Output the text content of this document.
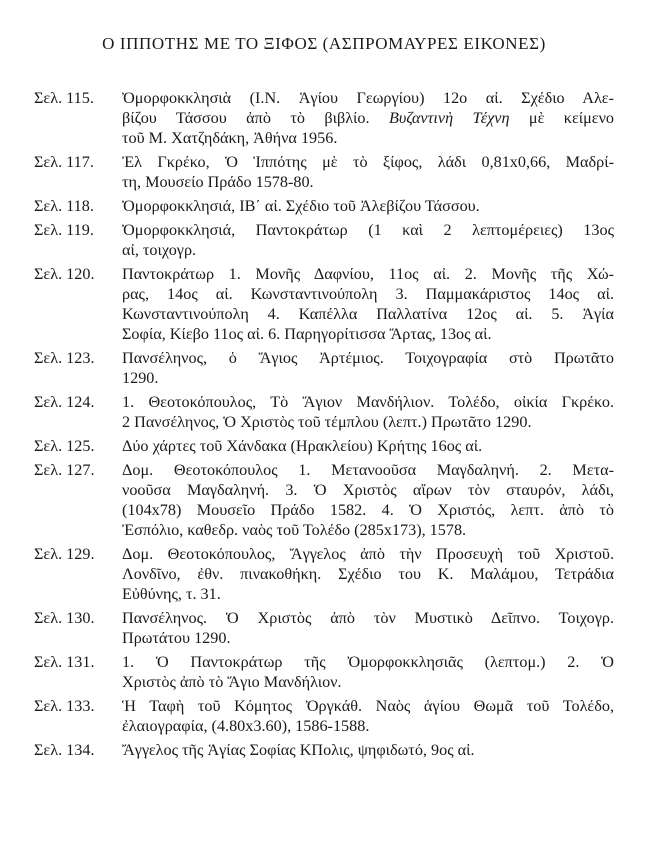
Ο ΙΠΠΟΤΗΣ ΜΕ ΤΟ ΞΙΦΟΣ (ΑΣΠΡΟΜΑΥΡΕΣ ΕΙΚΟΝΕΣ)
Σελ. 115.	Ὀμορφοκκλησιὰ (Ι.Ν. Ἁγίου Γεωργίου) 12ο αἰ. Σχέδιο Αλε-
βίζου Τάσσου ἀπὸ τὸ βιβλίο. Βυζαντινὴ Τέχνη μὲ κείμενο
τοῦ Μ. Χατζηδάκη, Ἀθήνα 1956.
Σελ. 117.	Ἐλ Γκρέκο, Ὁ Ἱππότης μὲ τὸ ξίφος, λάδι 0,81x0,66, Μαδρί-
τη, Μουσείο Πράδο 1578-80.
Σελ. 118.	Ὀμορφοκκλησιά, ΙΒ΄ αἰ. Σχέδιο τοῦ Ἀλεβίζου Τάσσου.
Σελ. 119.	Ὀμορφοκκλησιά, Παντοκράτωρ (1 καὶ 2 λεπτομέρειες) 13ος
αἰ, τοιχογρ.
Σελ. 120.	Παντοκράτωρ 1. Μονῆς Δαφνίου, 11ος αἰ. 2. Μονῆς τῆς Χώ-
ρας, 14ος αἰ. Κωνσταντινούπολη 3. Παμμακάριστος 14ος αἰ.
Κωνσταντινούπολη 4. Καπέλλα Παλλατίνα 12ος αἰ. 5. Ἁγία
Σοφία, Κίεβο 11ος αἰ. 6. Παρηγορίτισσα Ἄρτας, 13ος αἰ.
Σελ. 123.	Πανσέληνος, ὁ Ἅγιος Ἀρτέμιος. Τοιχογραφία στὸ Πρωτᾶτο
1290.
Σελ. 124.	1. Θεοτοκόπουλος, Τὸ Ἅγιον Μανδήλιον. Τολέδο, οἰκία Γκρέκο.
2 Πανσέληνος, Ὁ Χριστὸς τοῦ τέμπλου (λεπτ.) Πρωτᾶτο 1290.
Σελ. 125.	Δύο χάρτες τοῦ Χάνδακα (Ηρακλείου) Κρήτης 16ος αἰ.
Σελ. 127.	Δομ. Θεοτοκόπουλος 1. Μετανοοῦσα Μαγδαληνή. 2. Μετα-
νοοῦσα Μαγδαληνή. 3. Ὁ Χριστὸς αἴρων τὸν σταυρόν, λάδι,
(104x78) Μουσεῖο Πράδο 1582. 4. Ὁ Χριστός, λεπτ. ἀπὸ τὸ
Ἐσπόλιο, καθεδρ. ναὸς τοῦ Τολέδο (285x173), 1578.
Σελ. 129.	Δομ. Θεοτοκόπουλος, Ἄγγελος ἀπὸ τὴν Προσευχὴ τοῦ Χριστοῦ.
Λονδῖνο, ἐθν. πινακοθήκη. Σχέδιο του Κ. Μαλάμου, Τετράδια
Εὐθύνης, τ. 31.
Σελ. 130.	Πανσέληνος. Ὁ Χριστὸς ἀπὸ τὸν Μυστικὸ Δεῖπνο. Τοιχογρ.
Πρωτάτου 1290.
Σελ. 131.	1. Ὁ Παντοκράτωρ τῆς Ὀμορφοκκλησιᾶς (λεπτομ.) 2. Ὁ
Χριστὸς ἀπὸ τὸ Ἅγιο Μανδήλιον.
Σελ. 133.	Ἡ Ταφὴ τοῦ Κόμητος Ὀργκάθ. Ναὸς ἁγίου Θωμᾶ τοῦ Τολέδο,
ἐλαιογραφία, (4.80x3.60), 1586-1588.
Σελ. 134.	Ἄγγελος τῆς Ἁγίας Σοφίας ΚΠολις, ψηφιδωτό, 9ος αἰ.
